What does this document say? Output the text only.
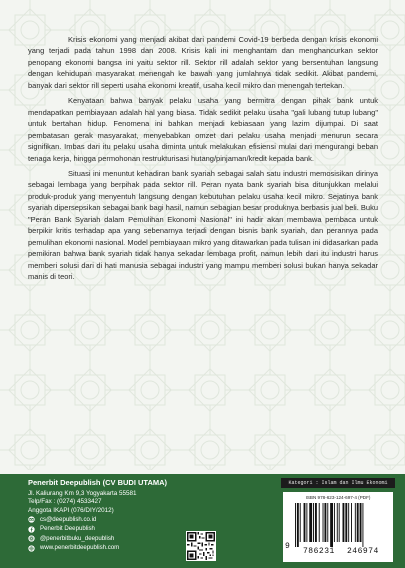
Krisis ekonomi yang menjadi akibat dari pandemi Covid-19 berbeda dengan krisis ekonomi yang terjadi pada tahun 1998 dan 2008. Krisis kali ini menghantam dan menghancurkan sektor penopang ekonomi bangsa ini yaitu sektor rill. Sektor rill adalah sektor yang bersentuhan langsung dengan kehidupan masyarakat menengah ke bawah yang jumlahnya tidak sedikit. Akibat pandemi, banyak dari sektor rill seperti usaha ekonomi kreatif, usaha kecil mikro dan menengah tertekan.

Kenyataan bahwa banyak pelaku usaha yang bermitra dengan pihak bank untuk mendapatkan pembiayaan adalah hal yang biasa. Tidak sedikit pelaku usaha "gali lubang tutup lubang" untuk bertahan hidup. Fenomena ini bahkan menjadi kebiasaan yang lazim dijumpai. Di saat pembatasan gerak masyarakat, menyebabkan omzet dari pelaku usaha menjadi menurun secara signifikan. Imbas dari itu pelaku usaha diminta untuk melakukan efisiensi mulai dari mengurangi beban tenaga kerja, hingga permohonan restrukturisasi hutang/pinjaman/kredit kepada bank.

Situasi ini menuntut kehadiran bank syariah sebagai salah satu industri memosisikan dirinya sebagai lembaga yang berpihak pada sektor rill. Peran nyata bank syariah bisa ditunjukkan melalui produk-produk yang menyentuh langsung dengan kebutuhan pelaku usaha kecil mikro. Sejatinya bank syariah dipersepsikan sebagai bank bagi hasil, namun sebagian besar produknya berbasis jual beli. Buku "Peran Bank Syariah dalam Pemulihan Ekonomi Nasional" ini hadir akan membawa pembaca untuk berpikir kritis terhadap apa yang sebenarnya terjadi dengan bisnis bank syariah, dan perannya pada pemulihan ekonomi nasional. Model pembiayaan mikro yang ditawarkan pada tulisan ini didasarkan pada pemikiran bahwa bank syariah tidak hanya sekadar lembaga profit, namun lebih dari itu industri harus memberi solusi dari di hati manusia sebagai industri yang mampu memberi solusi bukan hanya sekadar manis di teori.

Penerbit Deepublish (CV BUDI UTAMA)
Jl. Kaliurang Km 9,3 Yogyakarta 55581
Telp/Fax : (0274) 4533427
Anggota IKAPI (076/DIY/2012)
cs@deepublish.co.id
Penerbit Deepublish
@penerbitbuku_deepublish
www.penerbitdeepublish.com
Kategori : Islam dan Ilmu Ekonomi
ISBN 978-623-124-697-4 (PDF)
9
786231 246974
